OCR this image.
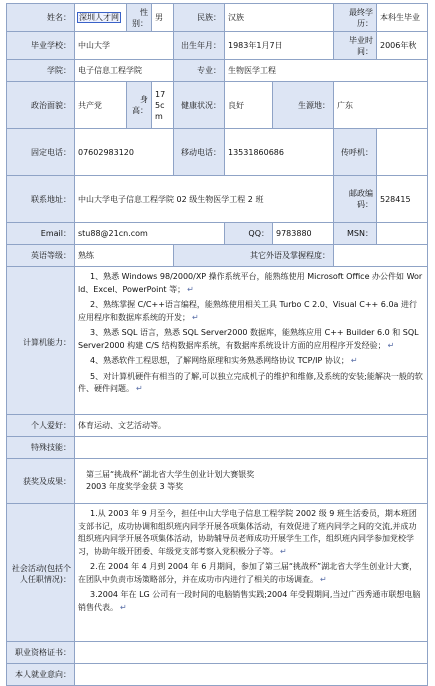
姓名：	深圳人才网	性别：	男	民族：	汉族		最终学历：	本科生毕业
毕业学校：	中山大学			出生年月：	1983年1月7日		毕业时间：	2006年秋
学院：	电子信息工程学院			专业：	生物医学工程			
政治面貌：	共产党	身高：	175cm	健康状况：	良好	生源地：	广东	
固定电话：	07602983120			移动电话：	13531860686		传呼机：	
联系地址：	中山大学电子信息工程学院 02 级生物医学工程 2 班						邮政编码：	528415
Email：	stu88@21cn.com				QQ：	9783880	MSN：	
英语等级：	熟练			其它外语及掌握程度：				
计算机能力：	1、熟悉 Windows 98/2000/XP 操作系统平台，能熟练使用 Microsoft Office 办公件如 World、Excel、PowerPoint 等； ↵

2、熟练掌握 C/C++语言编程，能熟练使用相关工具 Turbo C 2.0、Visual C++ 6.0a 进行应用程序和数据库系统的开发； ↵

3、熟悉 SQL 语言，熟悉 SQL Server2000 数据库，能熟练应用 C++ Builder 6.0 和 SQL Server2000 构建 C/S 结构数据库系统，有数据库系统设计方面的应用程序开发经验； ↵

4、熟悉软件工程思想，了解网络原理和实务熟悉网络协议 TCP/IP 协议； ↵

5、对计算机硬件有相当的了解,可以独立完成机子的维护和维修,及系统的安装;能解决一般的软件、硬件问题。 ↵							

个人爱好：	体育运动、文艺活动等。							
特殊技能：								
获奖及成果：	第三届“挑战杯”湖北省大学生创业计划大赛银奖

2003 年度奖学金获 3 等奖							

社会活动(包括个人任职情况)：	1.从 2003 年 9 月至今，担任中山大学电子信息工程学院 2002 级 9 班生活委员，期本班团支部书记，成功协调和组织班内同学开展各项集体活动，有效促进了班内同学之间的交流,并成功组织班内同学开展各项集体活动，协助辅导员老师成功开展学生工作，组织班内同学参加党校学习，协助年级开团委、年级党支部考察入党积极分子等。 ↵

2.在 2004 年 4 月到 2004 年 6 月期间，参加了第三届“挑战杯”湖北省大学生创业计大赛，在团队中负责市场策略部分，并在成功市内进行了相关的市场调查。 ↵

3.2004 年在 LG 公司有一段时间的电脑销售实践;2004 年受假期间,当过广西秀通市联想电脑销售代表。 ↵							

职业资格证书：								
本人就业意向：								
